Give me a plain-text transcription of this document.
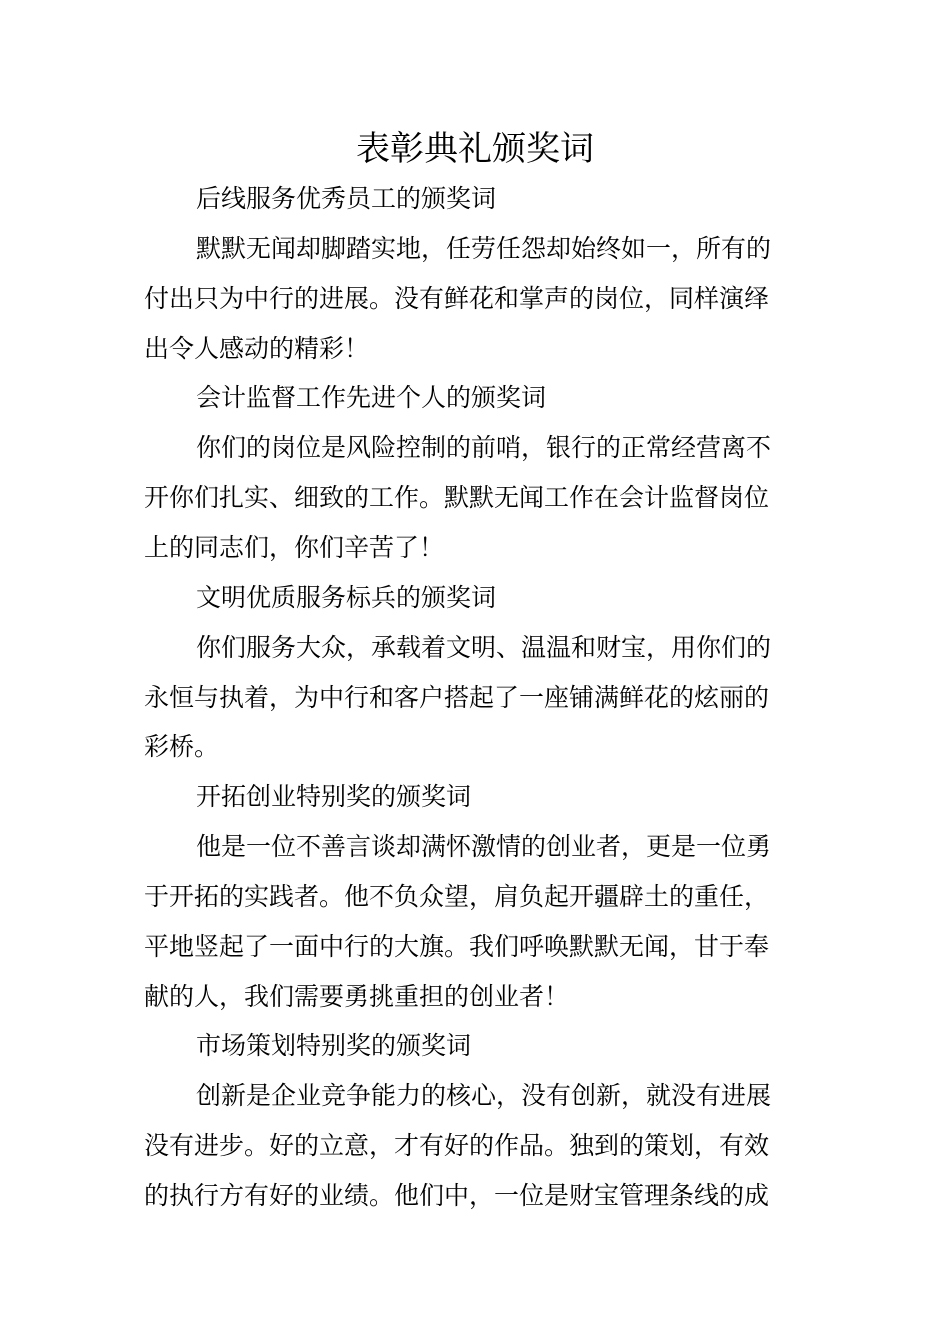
表彰典礼颁奖词
后线服务优秀员工的颁奖词
默默无闻却脚踏实地，任劳任怨却始终如一，所有的
付出只为中行的进展。没有鲜花和掌声的岗位，同样演绎
出令人感动的精彩！
会计监督工作先进个人的颁奖词
你们的岗位是风险控制的前哨，银行的正常经营离不
开你们扎实、细致的工作。默默无闻工作在会计监督岗位
上的同志们，你们辛苦了！
文明优质服务标兵的颁奖词
你们服务大众，承载着文明、温温和财宝，用你们的
永恒与执着，为中行和客户搭起了一座铺满鲜花的炫丽的
彩桥。
开拓创业特别奖的颁奖词
他是一位不善言谈却满怀激情的创业者，更是一位勇
于开拓的实践者。他不负众望，肩负起开疆辟土的重任，
平地竖起了一面中行的大旗。我们呼唤默默无闻，甘于奉
献的人，我们需要勇挑重担的创业者！
市场策划特别奖的颁奖词
创新是企业竞争能力的核心，没有创新，就没有进展
没有进步。好的立意，才有好的作品。独到的策划，有效
的执行方有好的业绩。他们中，一位是财宝管理条线的成
